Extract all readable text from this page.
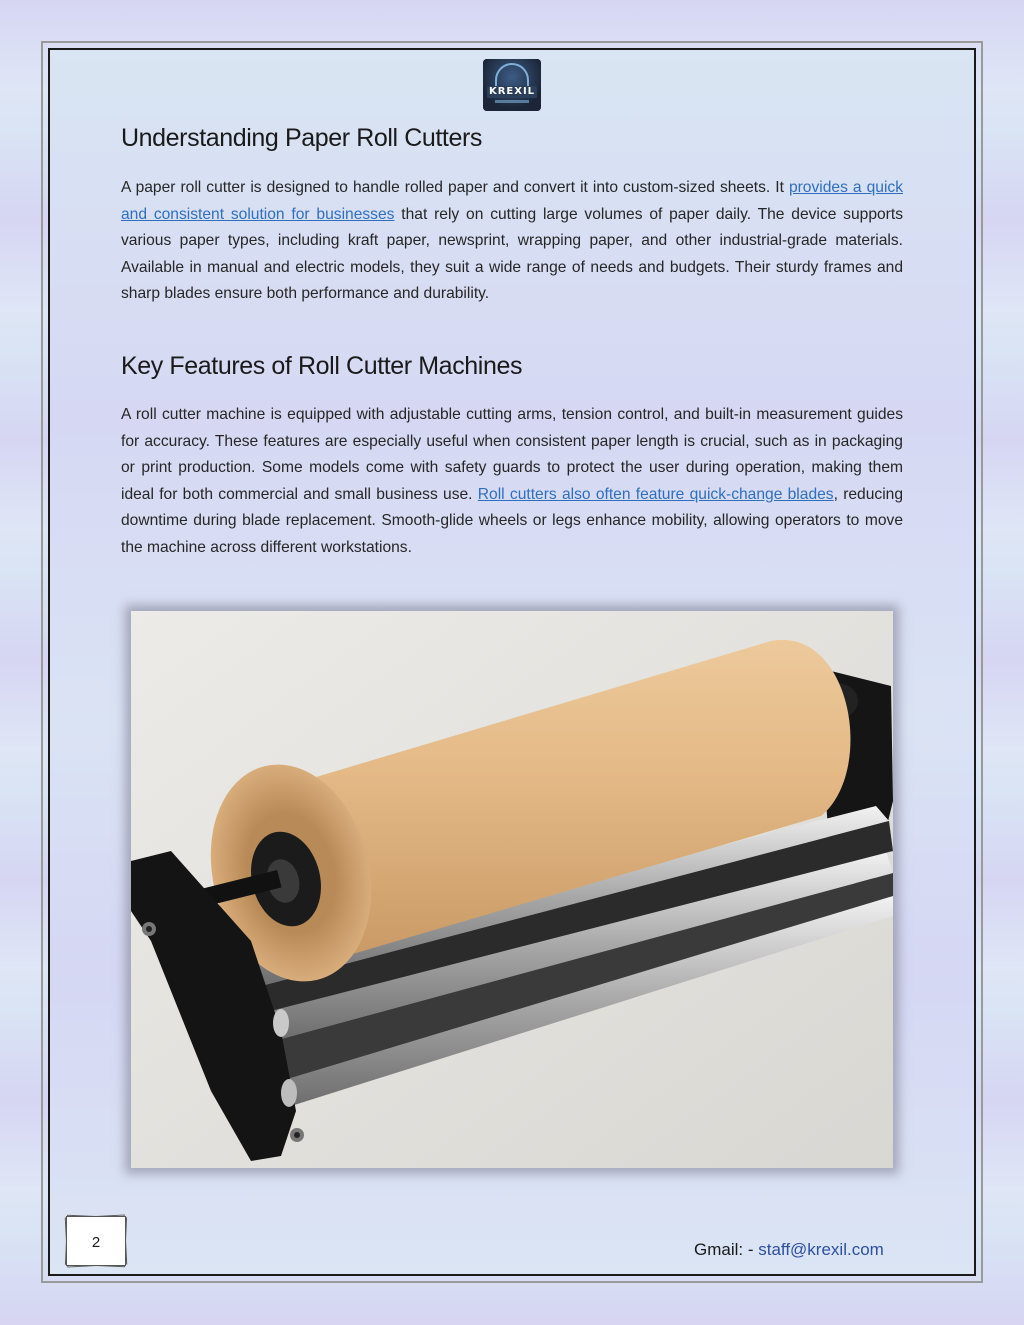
KREXIL
Understanding Paper Roll Cutters

A paper roll cutter is designed to handle rolled paper and convert it into custom-sized sheets. It provides a quick and consistent solution for businesses that rely on cutting large volumes of paper daily. The device supports various paper types, including kraft paper, newsprint, wrapping paper, and other industrial-grade materials. Available in manual and electric models, they suit a wide range of needs and budgets. Their sturdy frames and sharp blades ensure both performance and durability.

Key Features of Roll Cutter Machines

A roll cutter machine is equipped with adjustable cutting arms, tension control, and built-in measurement guides for accuracy. These features are especially useful when consistent paper length is crucial, such as in packaging or print production. Some models come with safety guards to protect the user during operation, making them ideal for both commercial and small business use. Roll cutters also often feature quick-change blades, reducing downtime during blade replacement. Smooth-glide wheels or legs enhance mobility, allowing operators to move the machine across different workstations.

2	Gmail: - staff@krexil.com
